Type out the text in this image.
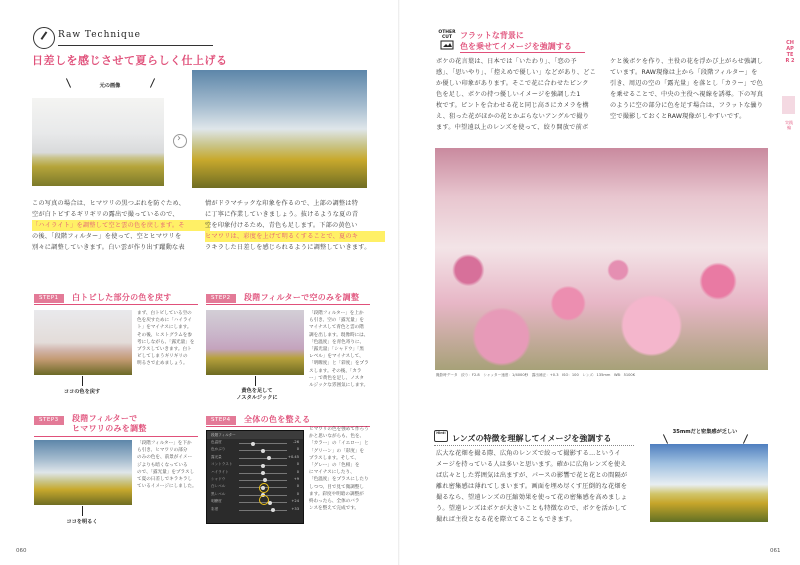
Raw Technique
日差しを感じさせて夏らしく仕上げる
元の画像
›
この写真の場合は、ヒマワリの黒つぶれを防ぐため、
空が白トビするギリギリの露出で撮っているので、
「ハイライト」を調整して空と雲の色を戻します。そ
の後、「段階フィルター」を使って、空とヒマワリを
別々に調整していきます。白い雲が作り出す躍動な表
情がドラマチックな印象を作るので、上部の調整は特
に丁寧に作業していきましょう。抜けるような夏の青
空を印象付けるため、青色も足します。下部の黄色い
ヒマワリは、彩度を上げて明るくすることで、夏のキ
ラキラした日差しを感じられるように調整していきます。
STEP1	白トビした部分の色を戻す
まず、白トビしている空の
色を戻すために「ハイライ
ト」をマイナスにします。
その後、ヒストグラムを参
考にしながら、「露光量」を
プラスしていきます。白ト
ビしてしまうギリギリの
明るさで止めましょう。
ココの色を戻す
STEP2	段階フィルターで空のみを調整
「段階フィルター」を上か
ら引き、空の「露光量」を
マイナスして青色と雲の階
調を出します。現像時には、
「色温度」を青色寄りに、
「露光量」「シャドウ」「黒
レベル」をマイナスして、
「明瞭度」と「彩度」をプラ
スします。その後、「カラ
ー」で黄色を足し、ノスタ
ルジックな雰囲気にします。
黄色を足して
ノスタルジックに
STEP3	段階フィルターで
ヒマワリのみを調整
「段階フィルター」を下か
ら引き、ヒマワリの部分
のみの色を、前景がイメー
ジよりも暗くなっている
ので、「露光量」をプラスし
て夏の日差しでキラキラし
ているイメージにしました。
ココを明るく
STEP4	全体の色を整える
段階フィルター
色温度	-26
色かぶり	0
露光量	+0.45
コントラスト	0
ハイライト	0
シャドウ	+9
白レベル	0
黒レベル	0
明瞭度	+24
彩度	+33
ヒマワリの色を強めて作ろう
かと思いながらも、色を、
「カラー」の「イエロー」と
「グリーン」の「彩度」を
プラスします。そして、
「グレー」の「色相」を
にマイナスにしたり、
「色温度」をプラスにしたり
しつつ、目で見て微調整し
ます。彩度や明暗の調整が
終わったら、全体のバラ
ンスを整えて完成です。
060
OTHER CUT フラットな背景に
色を乗せてイメージを強調する
ボケの花言葉は、日本では「いたわり」、「恋の予
感」、「思いやり」、「控えめで優しい」などがあり、どこ
か優しい印象があります。そこで花に合わせたピンク
色を足し、ボケの持つ優しいイメージを強調した1
枚です。ピントを合わせる花と同じ高さにカメラを構
え、狙った花がほかの花とかぶらないアングルで撮り
ます。中望遠以上のレンズを使って、絞り開放で前ボ
ケと後ボケを作り、主役の花を浮かび上がらせ強調し
ています。RAW現像は上から「段階フィルター」を
引き、周辺の空の「露光量」を落とし「カラー」で色
を乗せることで、中央の主役へ視線を誘導。下の写真
のように空の部分に色を足す場合は、フラットな曇り
空で撮影しておくとRAW現像がしやすいです。
撮影時データ　絞り：F2.8　シャッター速度：1/4000秒　露出補正：+0.3　ISO：100　レンズ：135mm　WB：5100K
Hint!
レンズの特徴を理解してイメージを強調する
広大な花畑を撮る際、広角のレンズで絞って撮影する…というイ
メージを持っている人は多いと思います。確かに広角レンズを使え
ば広々とした雰囲気は出ますが、パースの影響で花と花との間隔が
離れ密集感は薄れてしまいます。画面を埋め尽くす圧倒的な花畑を
撮るなら、望遠レンズの圧縮効果を使って花の密集感を高めましょ
う。望遠レンズはボケが大きいことも特徴なので、ボケを活かして
撮れば主役となる花を際立てることもできます。
35mmだと密集感が乏しい
CHAPTER 2
実践編
061
